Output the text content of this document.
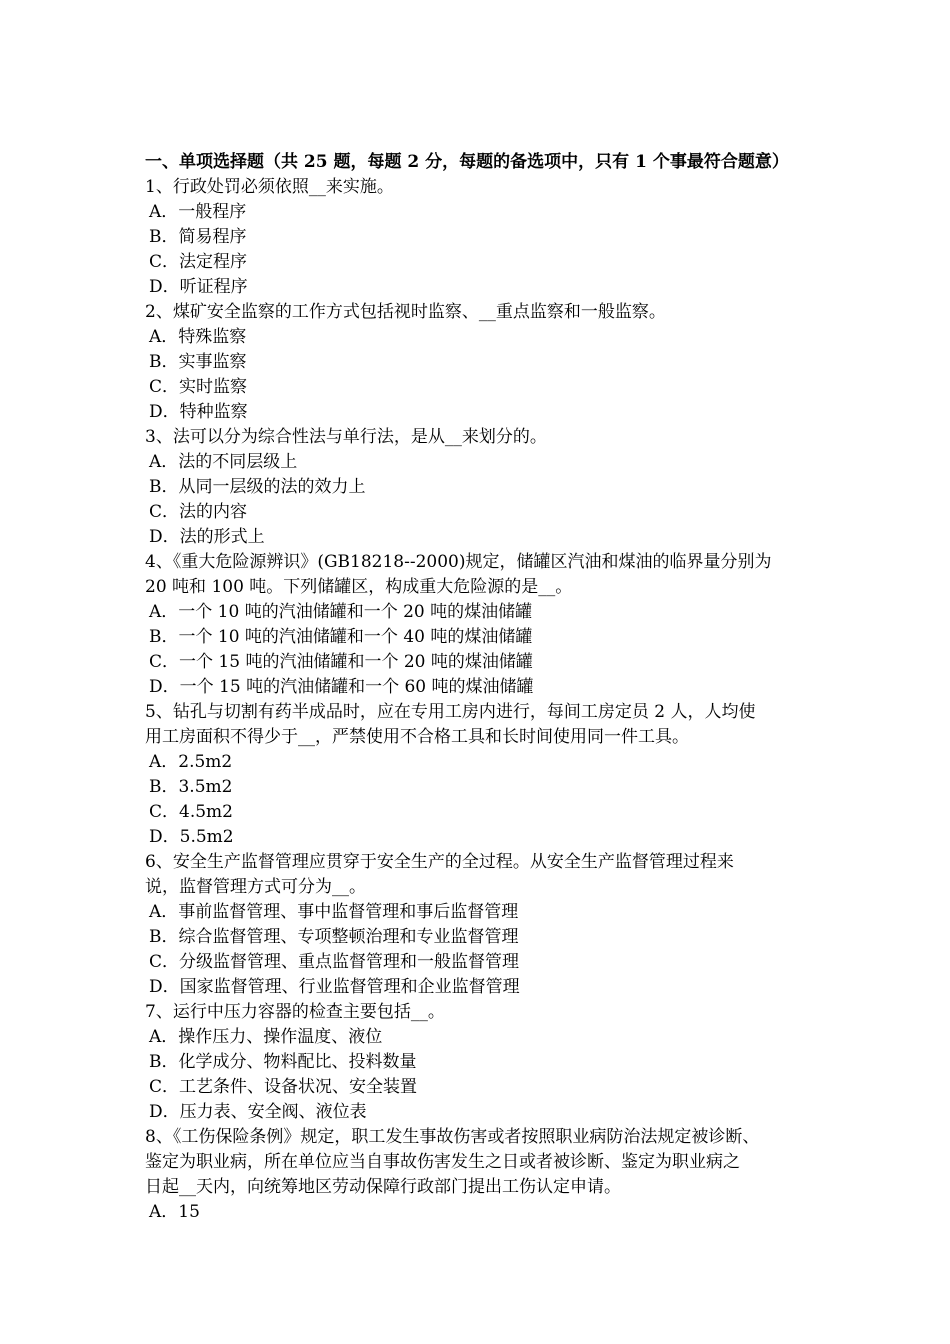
一、单项选择题（共 25 题，每题 2 分，每题的备选项中，只有 1 个事最符合题意）
1、行政处罚必须依照__来实施。
A．一般程序
B．简易程序
C．法定程序
D．听证程序
2、煤矿安全监察的工作方式包括视时监察、__重点监察和一般监察。
A．特殊监察
B．实事监察
C．实时监察
D．特种监察
3、法可以分为综合性法与单行法，是从__来划分的。
A．法的不同层级上
B．从同一层级的法的效力上
C．法的内容
D．法的形式上
4、《重大危险源辨识》(GB18218--2000)规定，储罐区汽油和煤油的临界量分别为
20 吨和 100 吨。下列储罐区，构成重大危险源的是__。
A．一个 10 吨的汽油储罐和一个 20 吨的煤油储罐
B．一个 10 吨的汽油储罐和一个 40 吨的煤油储罐
C．一个 15 吨的汽油储罐和一个 20 吨的煤油储罐
D．一个 15 吨的汽油储罐和一个 60 吨的煤油储罐
5、钻孔与切割有药半成品时，应在专用工房内进行，每间工房定员 2 人，人均使
用工房面积不得少于__，严禁使用不合格工具和长时间使用同一件工具。
A．2.5m2
B．3.5m2
C．4.5m2
D．5.5m2
6、安全生产监督管理应贯穿于安全生产的全过程。从安全生产监督管理过程来
说，监督管理方式可分为__。
A．事前监督管理、事中监督管理和事后监督管理
B．综合监督管理、专项整顿治理和专业监督管理
C．分级监督管理、重点监督管理和一般监督管理
D．国家监督管理、行业监督管理和企业监督管理
7、运行中压力容器的检查主要包括__。
A．操作压力、操作温度、液位
B．化学成分、物料配比、投料数量
C．工艺条件、设备状况、安全装置
D．压力表、安全阀、液位表
8、《工伤保险条例》规定，职工发生事故伤害或者按照职业病防治法规定被诊断、
鉴定为职业病，所在单位应当自事故伤害发生之日或者被诊断、鉴定为职业病之
日起__天内，向统筹地区劳动保障行政部门提出工伤认定申请。
A．15
